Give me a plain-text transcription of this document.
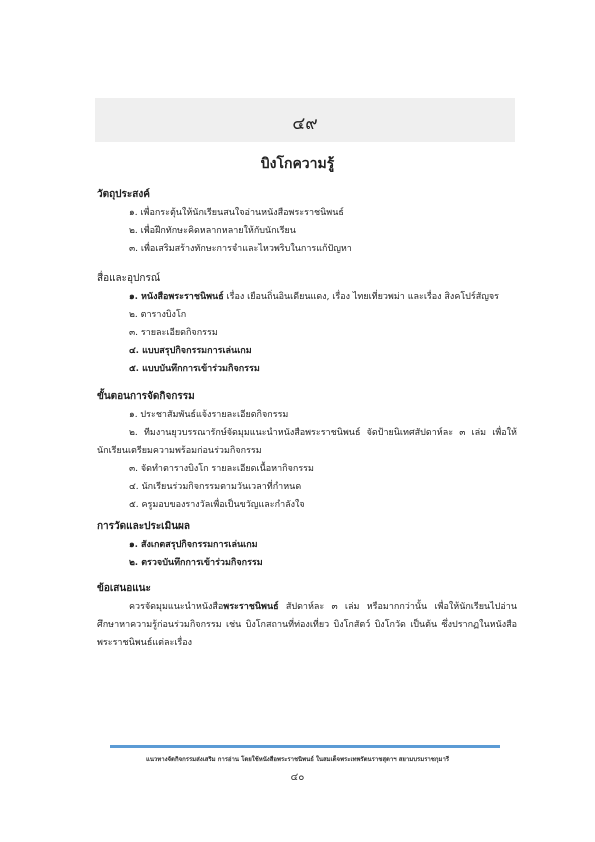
๔๙
บิงโกความรู้
วัตถุประสงค์
๑. เพื่อกระตุ้นให้นักเรียนสนใจอ่านหนังสือพระราชนิพนธ์
๒. เพื่อฝึกทักษะคิดหลากหลายให้กับนักเรียน
๓. เพื่อเสริมสร้างทักษะการจำและไหวพริบในการแก้ปัญหา
สื่อและอุปกรณ์
๑. หนังสือพระราชนิพนธ์ เรื่อง เยือนถิ่นอินเดียนแดง, เรื่อง ไทยเที่ยวพม่า และเรื่อง สิงคโปร์สัญจร
๒. ตารางบิงโก
๓. รายละเอียดกิจกรรม
๔. แบบสรุปกิจกรรมการเล่นเกม
๕. แบบบันทึกการเข้าร่วมกิจกรรม
ขั้นตอนการจัดกิจกรรม
๑. ประชาสัมพันธ์แจ้งรายละเอียดกิจกรรม
๒. ทีมงานยุวบรรณารักษ์จัดมุมแนะนำหนังสือพระราชนิพนธ์ จัดป้ายนิเทศสัปดาห์ละ ๓ เล่ม เพื่อให้นักเรียนเตรียมความพร้อมก่อนร่วมกิจกรรม
๓. จัดทำตารางบิงโก รายละเอียดเนื้อหากิจกรรม
๔. นักเรียนร่วมกิจกรรมตามวันเวลาที่กำหนด
๕. ครูมอบของรางวัลเพื่อเป็นขวัญและกำลังใจ
การวัดและประเมินผล
๑. สังเกตสรุปกิจกรรมการเล่นเกม
๒. ตรวจบันทึกการเข้าร่วมกิจกรรม
ข้อเสนอแนะ
ควรจัดมุมแนะนำหนังสือพระราชนิพนธ์ สัปดาห์ละ ๓ เล่ม หรือมากกว่านั้น เพื่อให้นักเรียนไปอ่านศึกษาหาความรู้ก่อนร่วมกิจกรรม เช่น บิงโกสถานที่ท่องเที่ยว บิงโกสัตว์ บิงโกวัด เป็นต้น ซึ่งปรากฏในหนังสือพระราชนิพนธ์แต่ละเรื่อง
แนวทางจัดกิจกรรมส่งเสริม การอ่าน โดยใช้หนังสือพระราชนิพนธ์ ในสมเด็จพระเทพรัตนราชสุดาฯ สยามบรมราชกุมารี
๔๐
